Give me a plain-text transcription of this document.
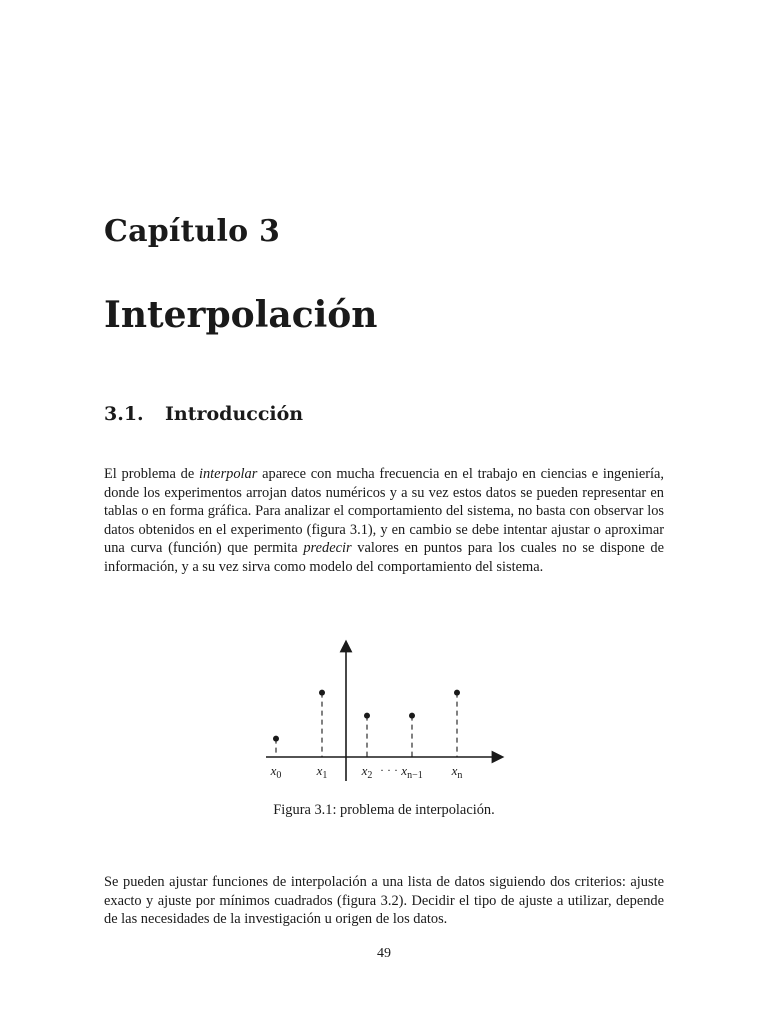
Capítulo 3
Interpolación
3.1. Introducción

El problema de interpolar aparece con mucha frecuencia en el trabajo en ciencias e ingeniería, donde los experimentos arrojan datos numéricos y a su vez estos datos se pueden representar en tablas o en forma gráfica. Para analizar el comportamiento del sistema, no basta con observar los datos obtenidos en el experimento (figura 3.1), y en cambio se debe intentar ajustar o aproximar una curva (función) que permita predecir valores en puntos para los cuales no se dispone de información, y a su vez sirva como modelo del comportamiento del sistema.

$x_0$	$x_1$	$x_2$ $x_{n-1}$ $x_n$
· · ·
Figura 3.1: problema de interpolación.

Se pueden ajustar funciones de interpolación a una lista de datos siguiendo dos criterios: ajuste exacto y ajuste por mínimos cuadrados (figura 3.2). Decidir el tipo de ajuste a utilizar, depende de las necesidades de la investigación u origen de los datos.

49
